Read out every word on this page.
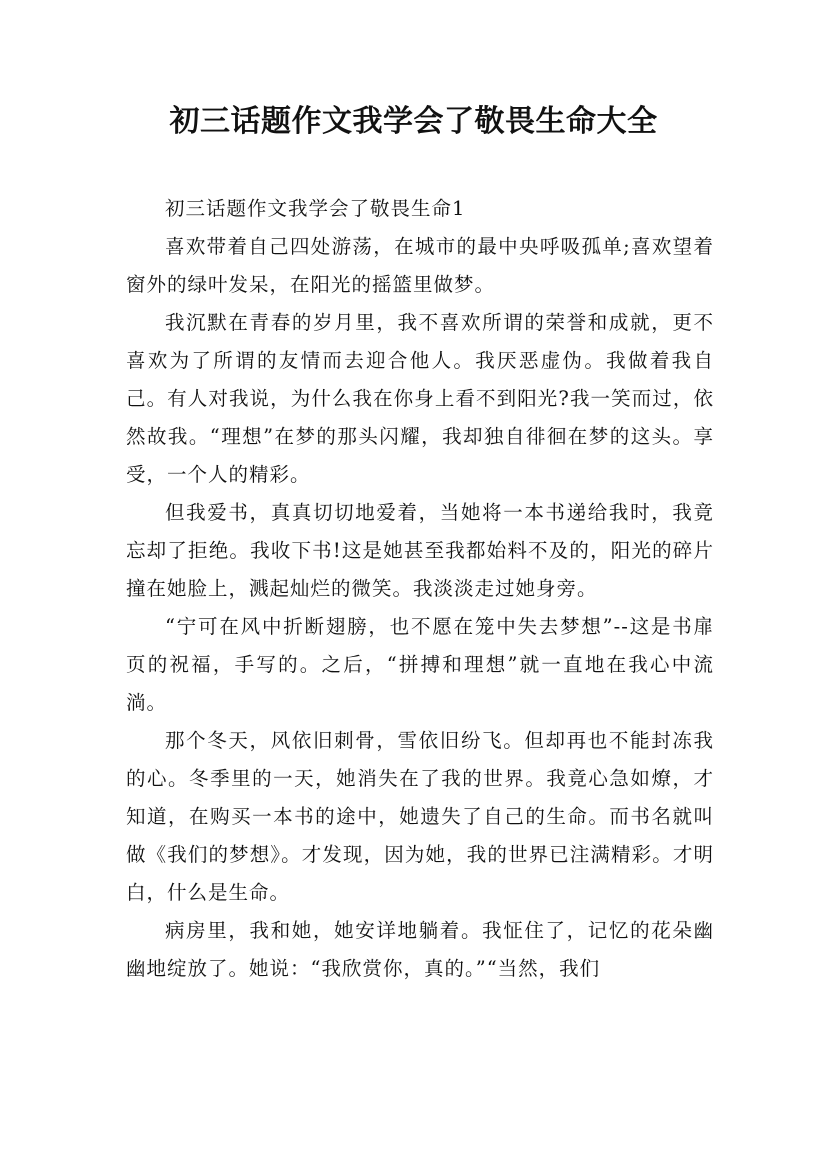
初三话题作文我学会了敬畏生命大全

初三话题作文我学会了敬畏生命1

喜欢带着自己四处游荡，在城市的最中央呼吸孤单;喜欢望着窗外的绿叶发呆，在阳光的摇篮里做梦。

我沉默在青春的岁月里，我不喜欢所谓的荣誉和成就，更不喜欢为了所谓的友情而去迎合他人。我厌恶虚伪。我做着我自己。有人对我说，为什么我在你身上看不到阳光?我一笑而过，依然故我。“理想”在梦的那头闪耀，我却独自徘徊在梦的这头。享受，一个人的精彩。

但我爱书，真真切切地爱着，当她将一本书递给我时，我竟忘却了拒绝。我收下书!这是她甚至我都始料不及的，阳光的碎片撞在她脸上，溅起灿烂的微笑。我淡淡走过她身旁。

“宁可在风中折断翅膀，也不愿在笼中失去梦想”--这是书扉页的祝福，手写的。之后，“拼搏和理想”就一直地在我心中流淌。

那个冬天，风依旧刺骨，雪依旧纷飞。但却再也不能封冻我的心。冬季里的一天，她消失在了我的世界。我竟心急如燎，才知道，在购买一本书的途中，她遗失了自己的生命。而书名就叫做《我们的梦想》。才发现，因为她，我的世界已注满精彩。才明白，什么是生命。

病房里，我和她，她安详地躺着。我怔住了，记忆的花朵幽幽地绽放了。她说：“我欣赏你，真的。”“当然，我们
